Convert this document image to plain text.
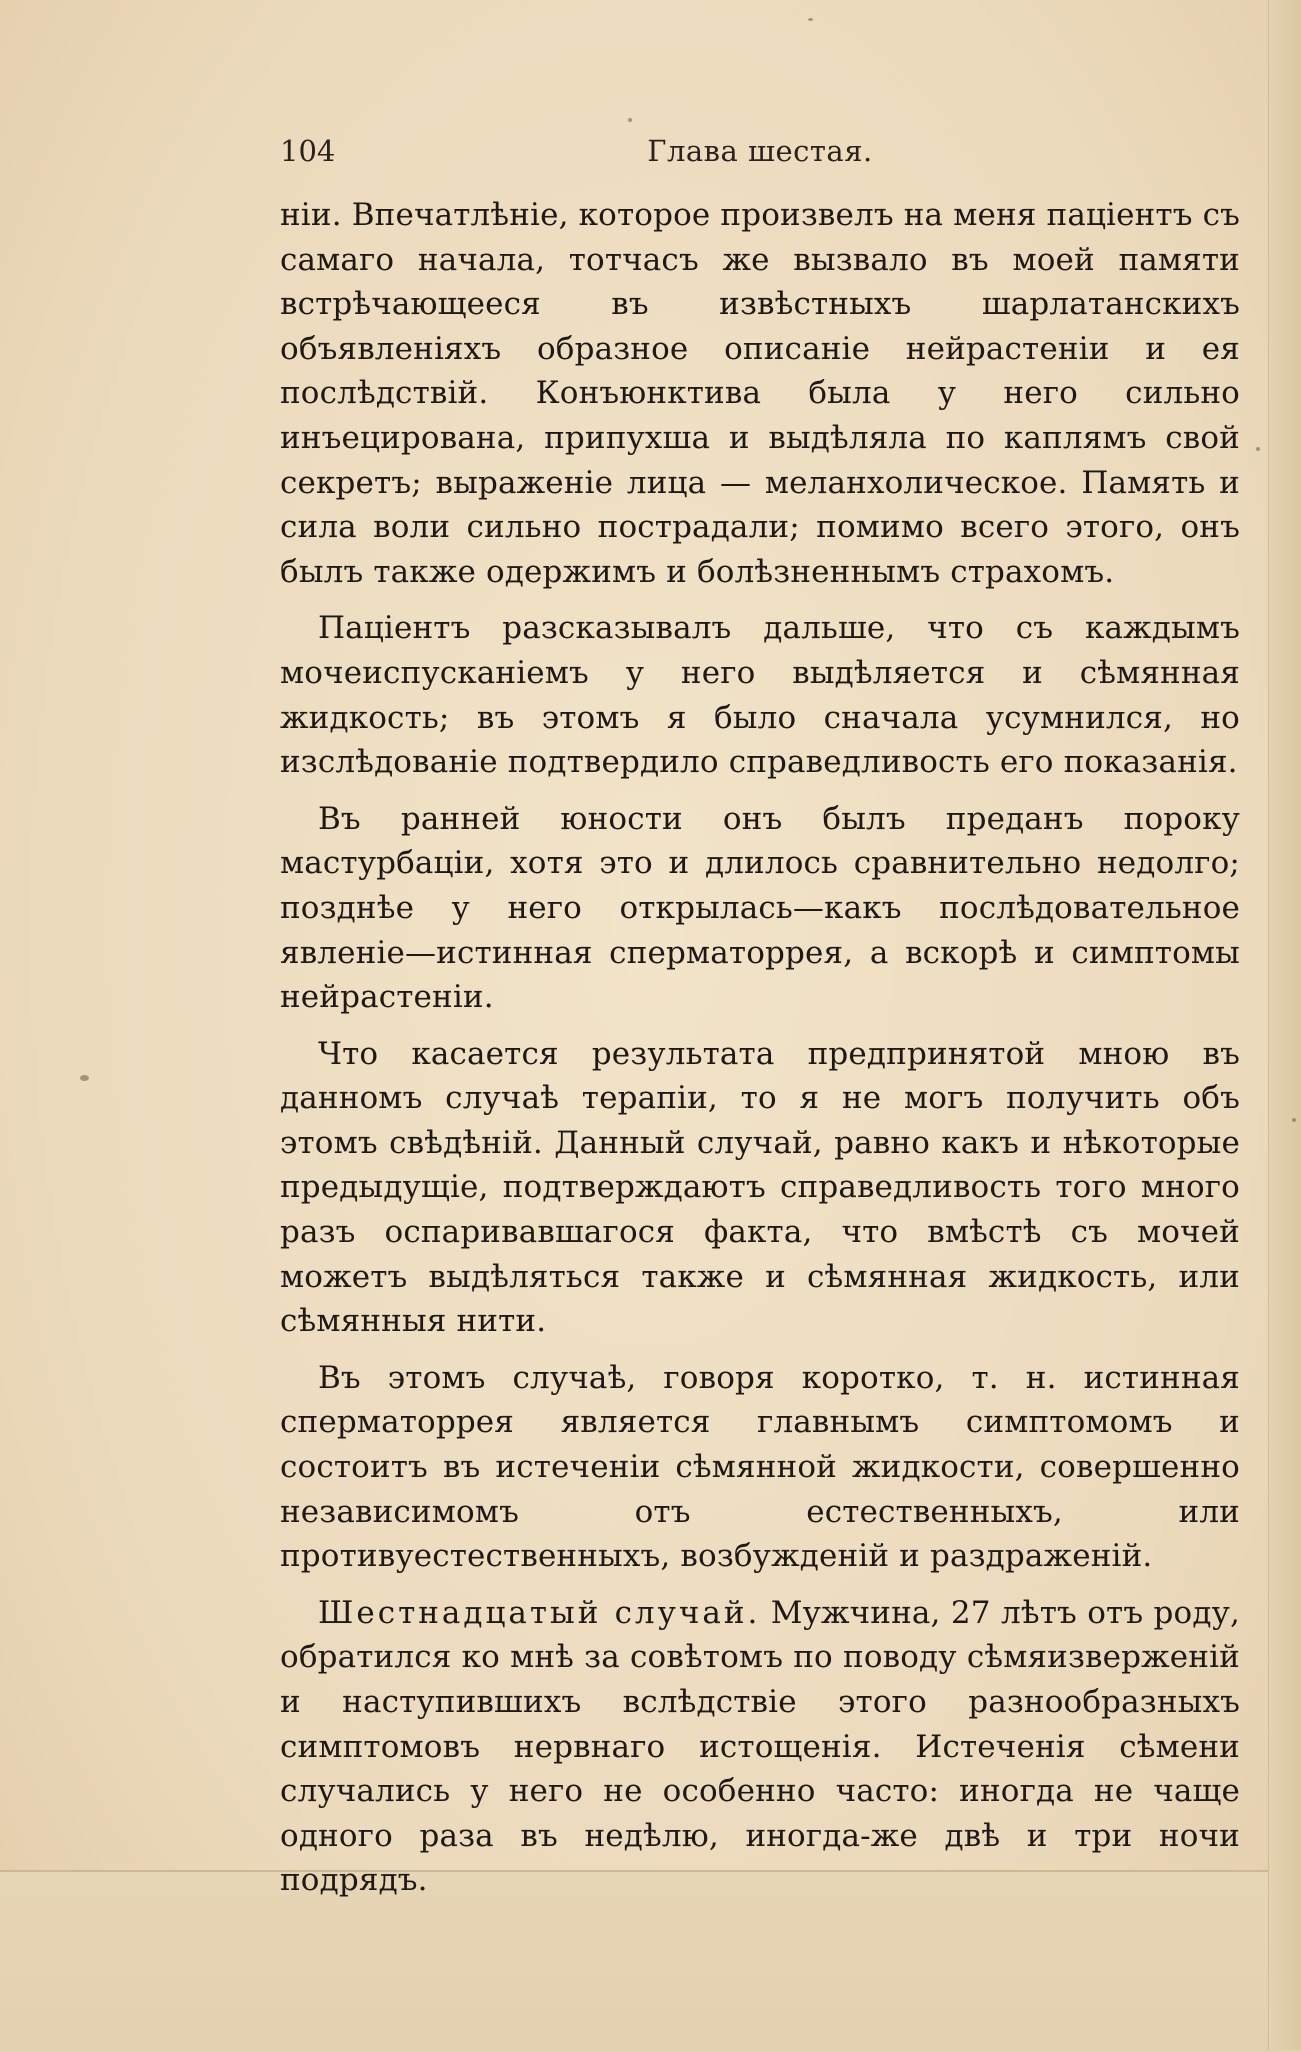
104	Глава шестая.

ніи. Впечатлѣніе, которое произвелъ на меня паціентъ съ самаго начала, тотчасъ же вызвало въ моей памяти встрѣчающееся въ извѣстныхъ шарлатанскихъ объявленіяхъ образное описаніе нейрастеніи и ея послѣдствій. Конъюнктива была у него сильно инъецирована, припухша и выдѣляла по каплямъ свой секретъ; выраженіе лица — меланхолическое. Память и сила воли сильно пострадали; помимо всего этого, онъ былъ также одержимъ и болѣзненнымъ страхомъ.

Паціентъ разсказывалъ дальше, что съ каждымъ мочеиспусканіемъ у него выдѣляется и сѣмянная жидкость; въ этомъ я было сначала усумнился, но изслѣдованіе подтвердило справедливость его показанія.

Въ ранней юности онъ былъ преданъ пороку мастурбаціи, хотя это и длилось сравнительно недолго; позднѣе у него открылась—какъ послѣдовательное явленіе—истинная сперматоррея, а вскорѣ и симптомы нейрастеніи.

Что касается результата предпринятой мною въ данномъ случаѣ терапіи, то я не могъ получить объ этомъ свѣдѣній. Данный случай, равно какъ и нѣкоторые предыдущіе, подтверждаютъ справедливость того много разъ оспаривавшагося факта, что вмѣстѣ съ мочей можетъ выдѣляться также и сѣмянная жидкость, или сѣмянныя нити.

Въ этомъ случаѣ, говоря коротко, т. н. истинная сперматоррея является главнымъ симптомомъ и состоитъ въ истеченіи сѣмянной жидкости, совершенно независимомъ отъ естественныхъ, или противуестественныхъ, возбужденій и раздраженій.

Шестнадцатый случай. Мужчина, 27 лѣтъ отъ роду, обратился ко мнѣ за совѣтомъ по поводу сѣмяизверженій и наступившихъ вслѣдствіе этого разнообразныхъ симптомовъ нервнаго истощенія. Истеченія сѣмени случались у него не особенно часто: иногда не чаще одного раза въ недѣлю, иногда-же двѣ и три ночи подрядъ.
